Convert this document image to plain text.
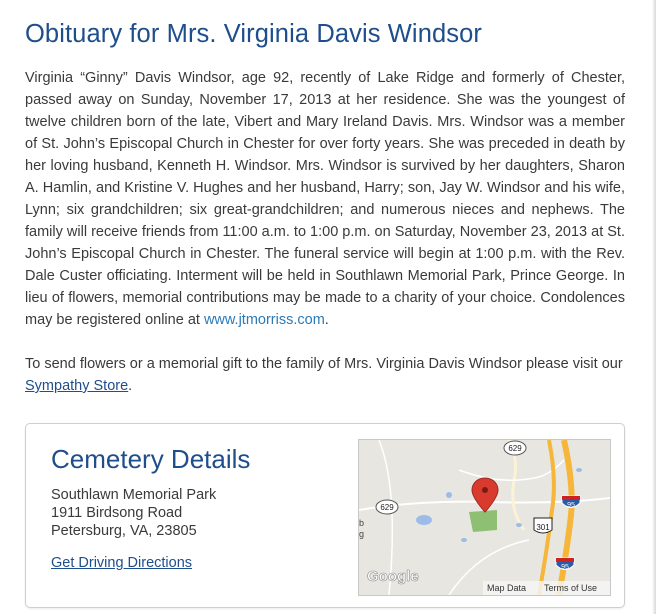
Obituary for Mrs. Virginia Davis Windsor

Virginia “Ginny” Davis Windsor, age 92, recently of Lake Ridge and formerly of Chester, passed away on Sunday, November 17, 2013 at her residence. She was the youngest of twelve children born of the late, Vibert and Mary Ireland Davis. Mrs. Windsor was a member of St. John’s Episcopal Church in Chester for over forty years. She was preceded in death by her loving husband, Kenneth H. Windsor. Mrs. Windsor is survived by her daughters, Sharon A. Hamlin, and Kristine V. Hughes and her husband, Harry; son, Jay W. Windsor and his wife, Lynn; six grandchildren; six great-grandchildren; and numerous nieces and nephews. The family will receive friends from 11:00 a.m. to 1:00 p.m. on Saturday, November 23, 2013 at St. John’s Episcopal Church in Chester. The funeral service will begin at 1:00 p.m. with the Rev. Dale Custer officiating. Interment will be held in Southlawn Memorial Park, Prince George. In lieu of flowers, memorial contributions may be made to a charity of your choice. Condolences may be registered online at www.jtmorriss.com.

To send flowers or a memorial gift to the family of Mrs. Virginia Davis Windsor please visit our
Sympathy Store.

Cemetery Details
Southlawn Memorial Park
1911 Birdsong Road
Petersburg, VA, 23805
Get Driving Directions
629
629	95
95
301
b
g
Google
Map Data Terms of Use
